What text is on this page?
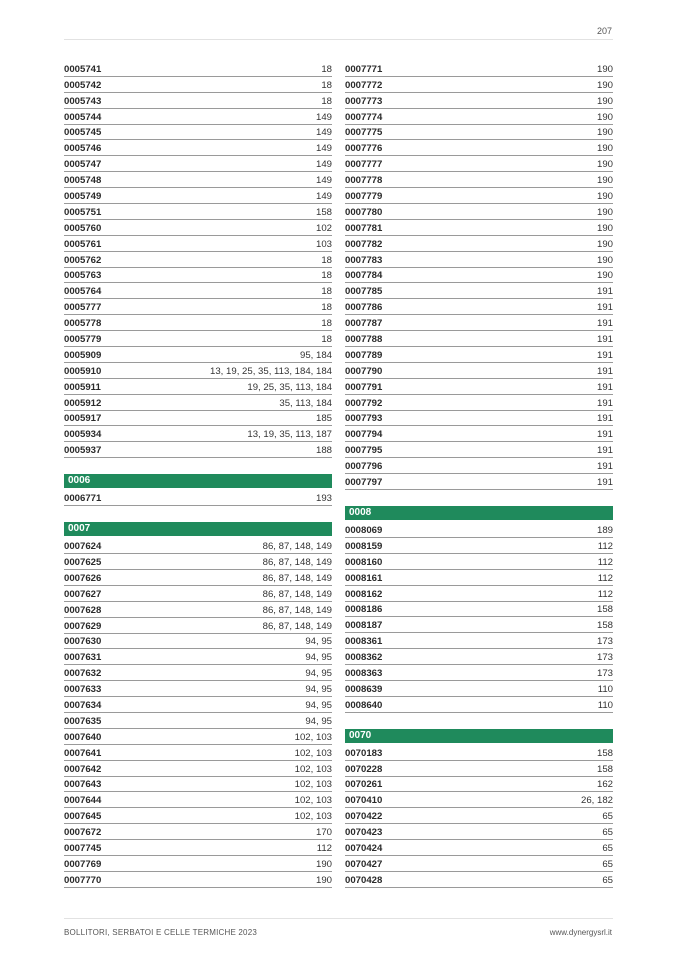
207
0005741	18
0005742	18
0005743	18
0005744	149
0005745	149
0005746	149
0005747	149
0005748	149
0005749	149
0005751	158
0005760	102
0005761	103
0005762	18
0005763	18
0005764	18
0005777	18
0005778	18
0005779	18
0005909	95, 184
0005910	13, 19, 25, 35, 113, 184, 184
0005911	19, 25, 35, 113, 184
0005912	35, 113, 184
0005917	185
0005934	13, 19, 35, 113, 187
0005937	188
0006
0006771	193
0007
0007624	86, 87, 148, 149
0007625	86, 87, 148, 149
0007626	86, 87, 148, 149
0007627	86, 87, 148, 149
0007628	86, 87, 148, 149
0007629	86, 87, 148, 149
0007630	94, 95
0007631	94, 95
0007632	94, 95
0007633	94, 95
0007634	94, 95
0007635	94, 95
0007640	102, 103
0007641	102, 103
0007642	102, 103
0007643	102, 103
0007644	102, 103
0007645	102, 103
0007672	170
0007745	112
0007769	190
0007770	190
0007771	190
0007772	190
0007773	190
0007774	190
0007775	190
0007776	190
0007777	190
0007778	190
0007779	190
0007780	190
0007781	190
0007782	190
0007783	190
0007784	190
0007785	191
0007786	191
0007787	191
0007788	191
0007789	191
0007790	191
0007791	191
0007792	191
0007793	191
0007794	191
0007795	191
0007796	191
0007797	191
0008
0008069	189
0008159	112
0008160	112
0008161	112
0008162	112
0008186	158
0008187	158
0008361	173
0008362	173
0008363	173
0008639	110
0008640	110
0070
0070183	158
0070228	158
0070261	162
0070410	26, 182
0070422	65
0070423	65
0070424	65
0070427	65
0070428	65
BOLLITORI, SERBATOI E CELLE TERMICHE 2023	www.dynergysrl.it
